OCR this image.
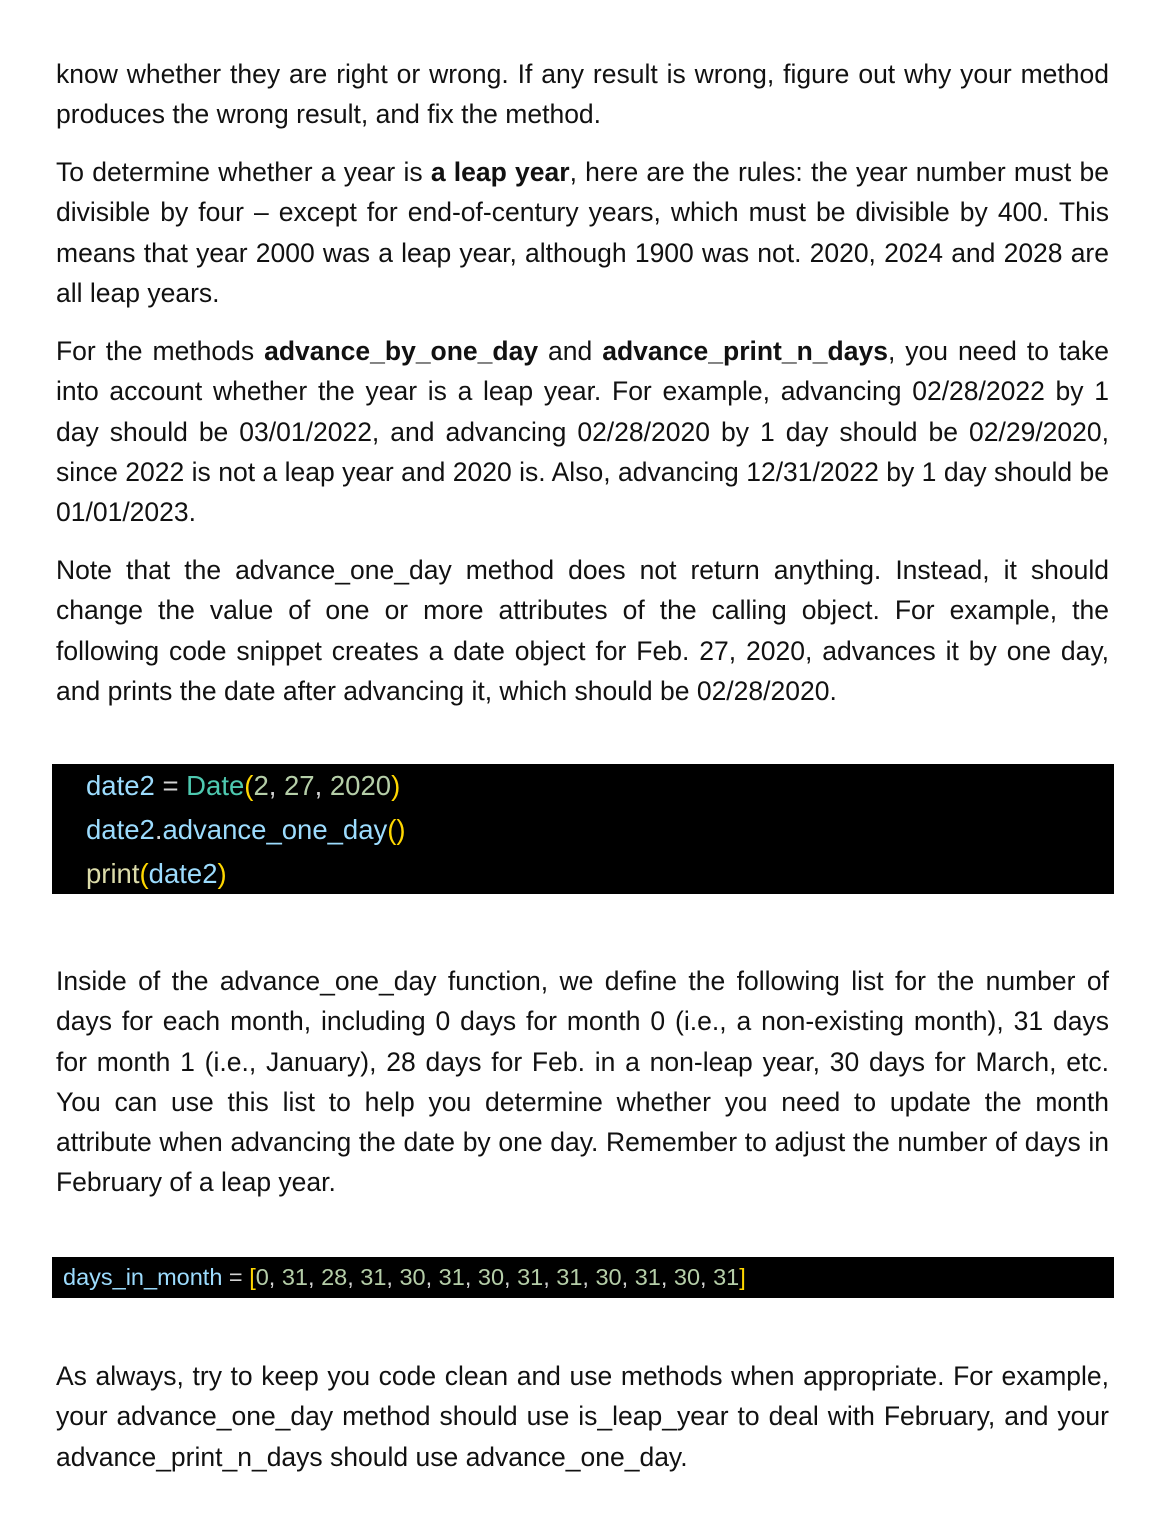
know whether they are right or wrong. If any result is wrong, figure out why your method produces the wrong result, and fix the method.

To determine whether a year is a leap year, here are the rules: the year number must be divisible by four – except for end-of-century years, which must be divisible by 400. This means that year 2000 was a leap year, although 1900 was not. 2020, 2024 and 2028 are all leap years.

For the methods advance_by_one_day and advance_print_n_days, you need to take into account whether the year is a leap year. For example, advancing 02/28/2022 by 1 day should be 03/01/2022, and advancing 02/28/2020 by 1 day should be 02/29/2020, since 2022 is not a leap year and 2020 is. Also, advancing 12/31/2022 by 1 day should be 01/01/2023.

Note that the advance_one_day method does not return anything. Instead, it should change the value of one or more attributes of the calling object. For example, the following code snippet creates a date object for Feb. 27, 2020, advances it by one day, and prints the date after advancing it, which should be 02/28/2020.

date2 = Date(2, 27, 2020)
date2.advance_one_day()
print(date2)

Inside of the advance_one_day function, we define the following list for the number of days for each month, including 0 days for month 0 (i.e., a non-existing month), 31 days for month 1 (i.e., January), 28 days for Feb. in a non-leap year, 30 days for March, etc. You can use this list to help you determine whether you need to update the month attribute when advancing the date by one day. Remember to adjust the number of days in February of a leap year.

days_in_month = [0, 31, 28, 31, 30, 31, 30, 31, 31, 30, 31, 30, 31]

As always, try to keep you code clean and use methods when appropriate. For example, your advance_one_day method should use is_leap_year to deal with February, and your advance_print_n_days should use advance_one_day.
